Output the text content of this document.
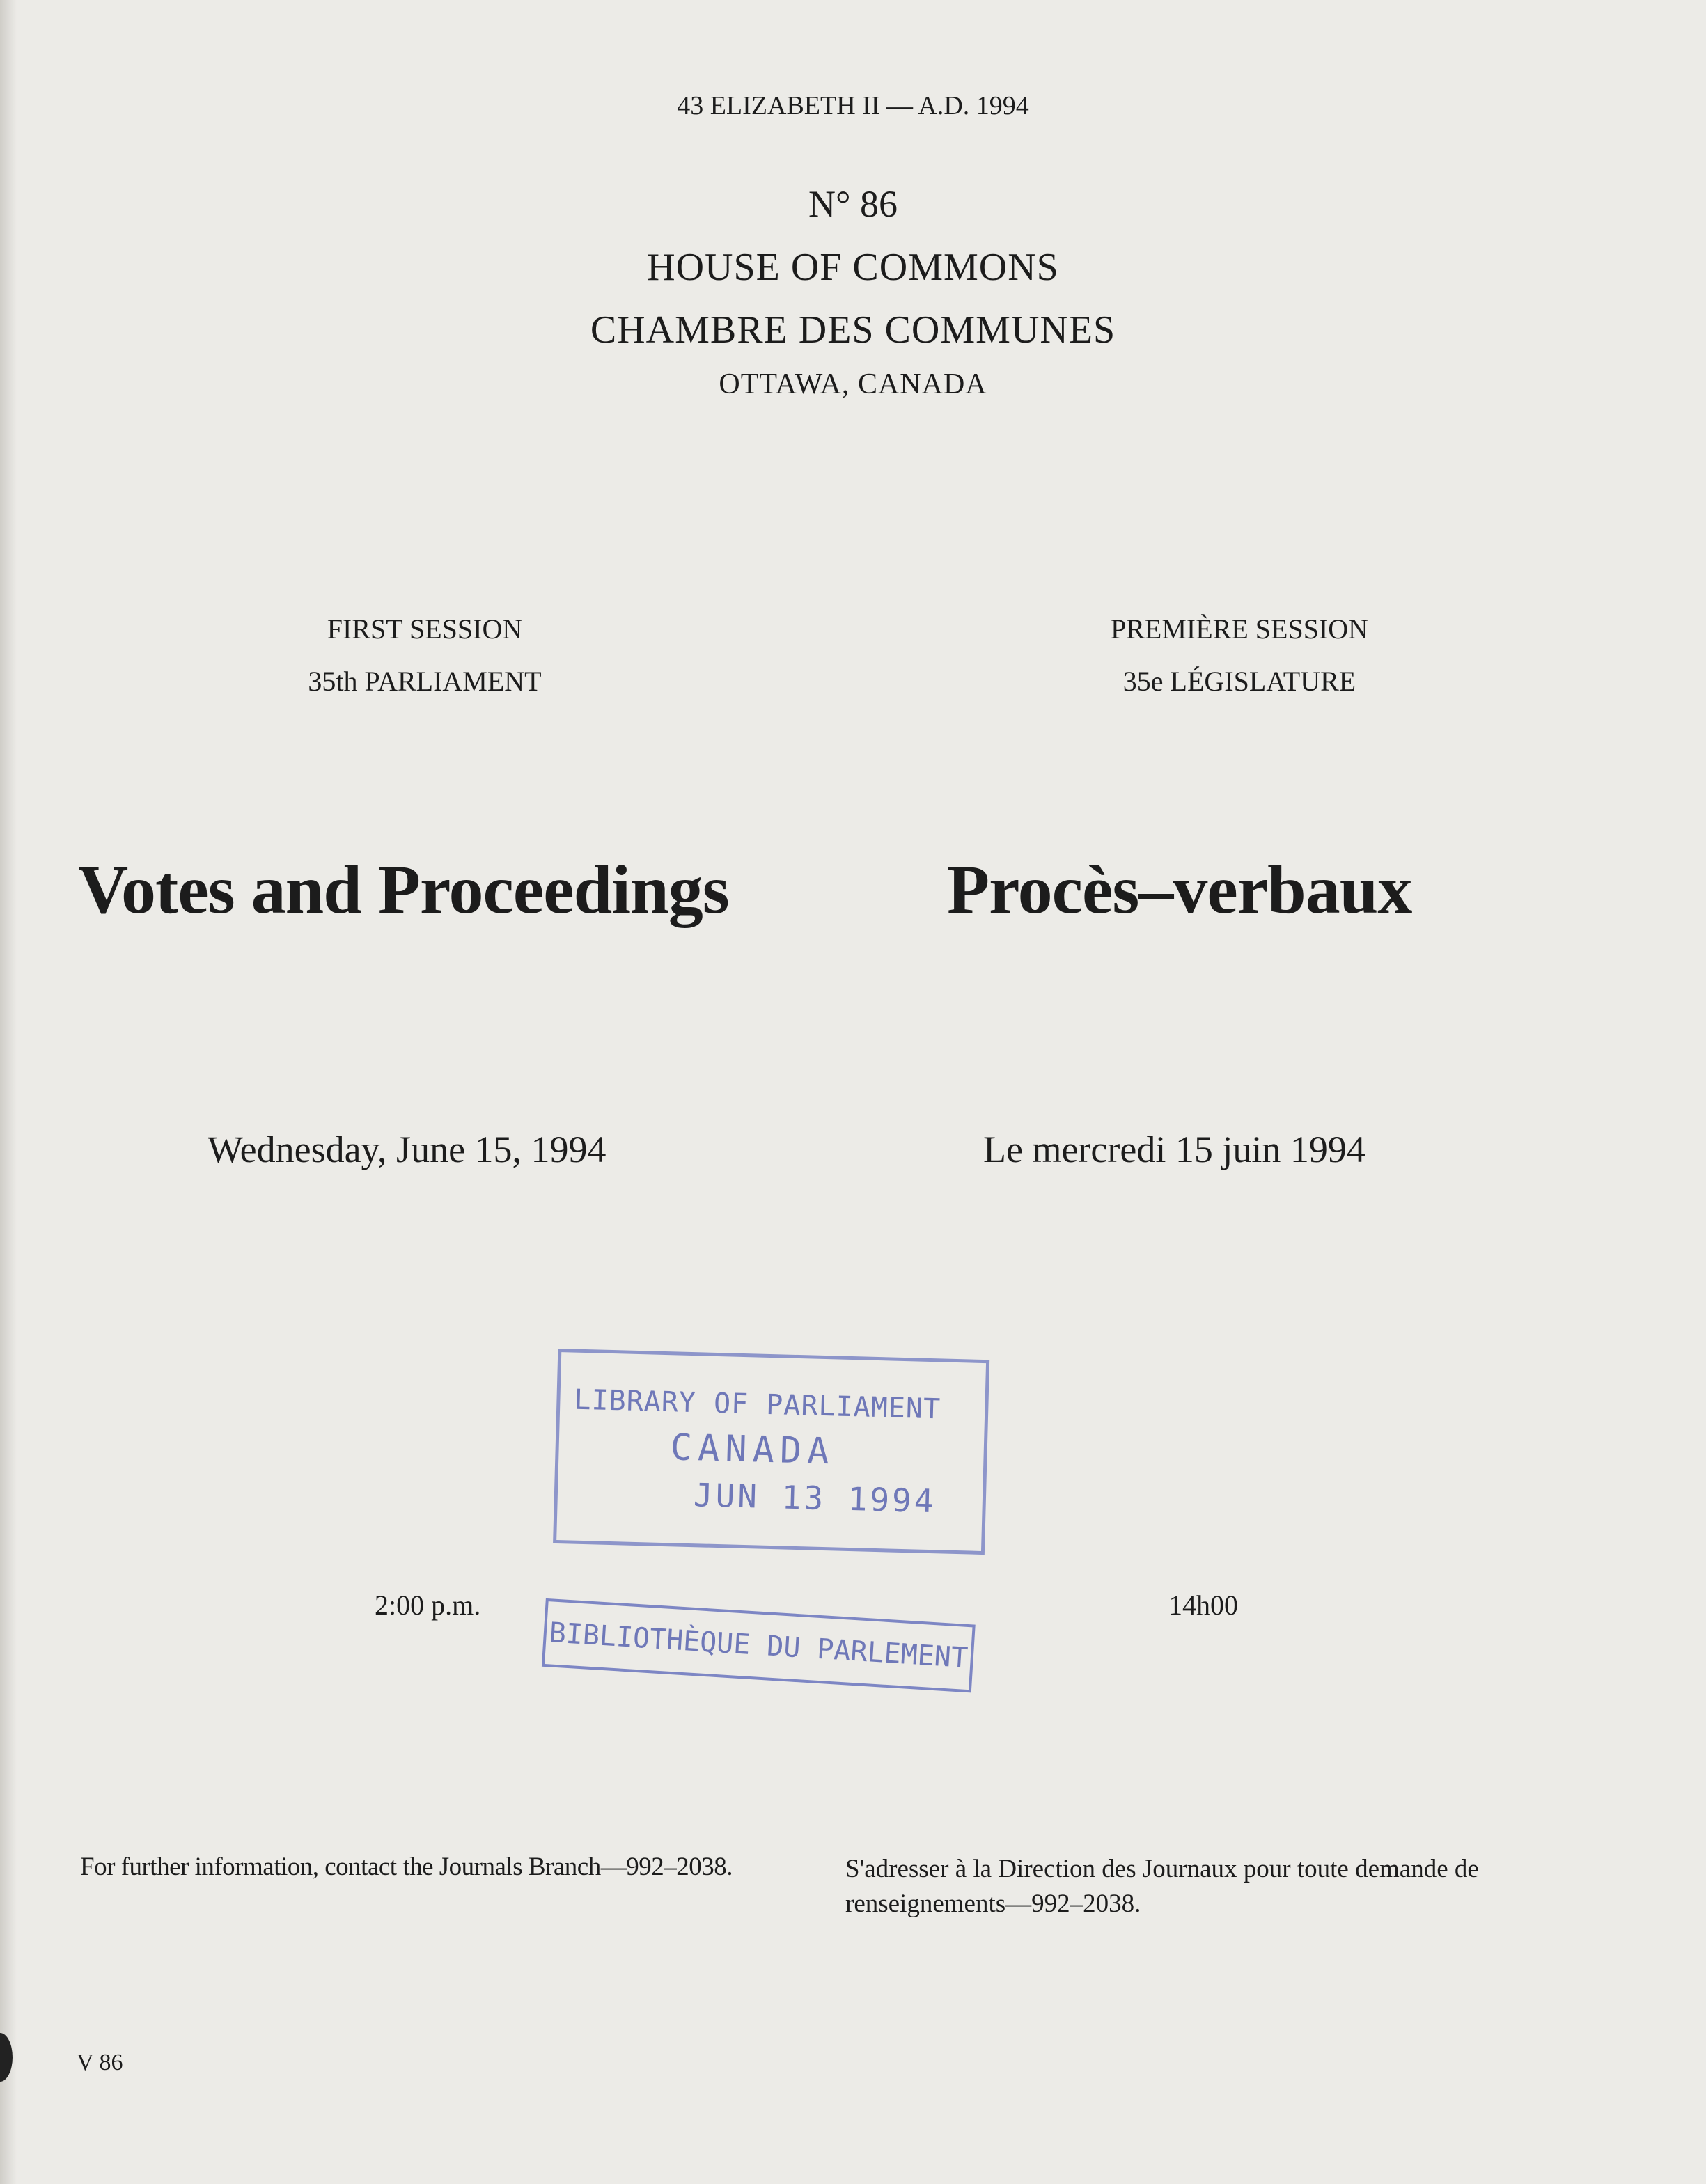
43 ELIZABETH II — A.D. 1994
N° 86
HOUSE OF COMMONS
CHAMBRE DES COMMUNES
OTTAWA, CANADA
FIRST SESSION
35th PARLIAMENT
PREMIÈRE SESSION
35e LÉGISLATURE
Votes and Proceedings	Procès–verbaux
Wednesday, June 15, 1994	Le mercredi 15 juin 1994
2:00 p.m.	14h00
LIBRARY OF PARLIAMENT
CANADA
JUN 13 1994
BIBLIOTHÈQUE DU PARLEMENT
For further information, contact the Journals Branch—992–2038.	S'adresser à la Direction des Journaux pour toute demande de renseignements—992–2038.
V 86
